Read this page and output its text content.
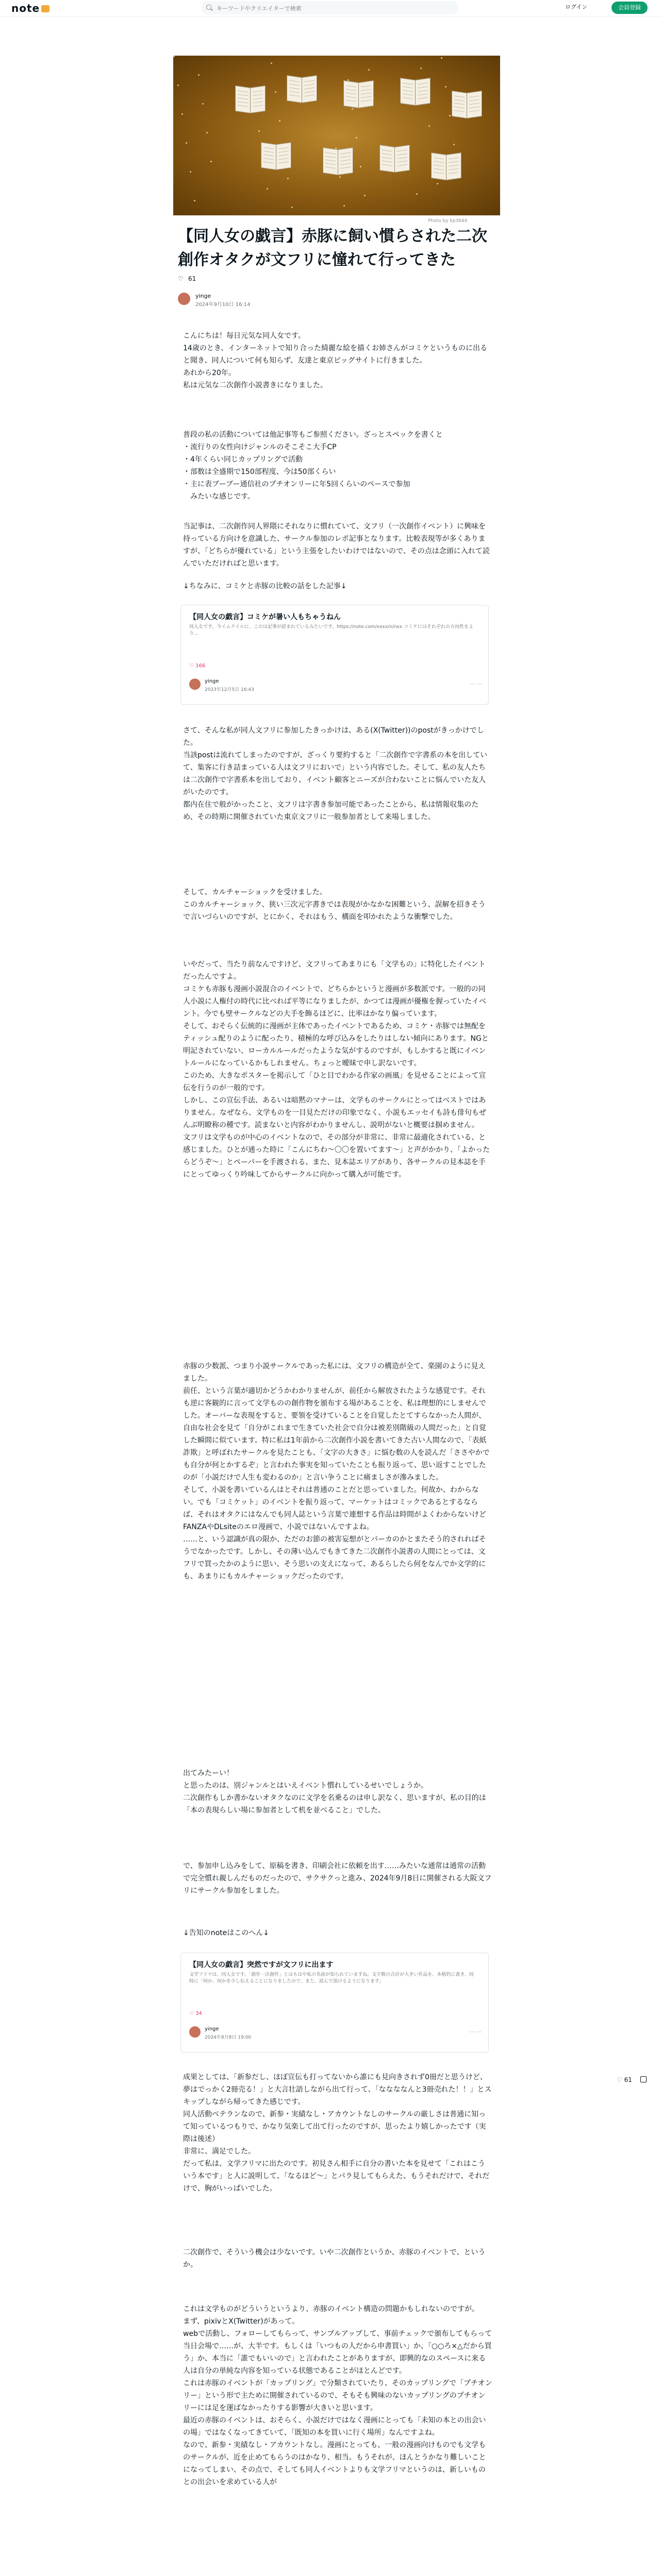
note
キーワードやクリエイターで検索	ログイン	会員登録
Photo by kp3644
【同人女の戯言】赤豚に飼い慣らされた二次創作オタクが文フリに憧れて行ってきた
♡ 61
yinge
2024年9月10日 16:14

こんにちは！毎日元気な同人女です。

14歳のとき、インターネットで知り合った綺麗な絵を描くお姉さんがコミケというものに出ると聞き、同人について何も知らず、友達と東京ビッグサイトに行きました。

あれから20年。

私は元気な二次創作小説書きになりました。

普段の私の活動については他記事等もご参照ください。ざっとスペックを書くと

・流行りの女性向けジャンルのそこそこ大手CP

・4年くらい同じカップリングで活動

・部数は全盛期で150部程度、今は50部くらい

・主に表ブーブー通信社のプチオンリーに年5回くらいのペースで参加

　みたいな感じです。

当記事は、二次創作同人界隈にそれなりに慣れていて、文フリ（一次創作イベント）に興味を持っている方向けを意識した、サークル参加のレポ記事となります。比較表現等が多くありますが、「どちらが優れている」という主張をしたいわけではないので、その点は念頭に入れて読んでいただければと思います。

↓ちなみに、コミケと赤豚の比較の話をした記事↓

【同人女の戯言】コミケが暑い人もちゃうねん
同人女です。今イムクイルに、このは記事が読まれているみたいです。https://note.com/xxxx/n/nxx コミケにはそれぞれの方向性をより…
♡ 166
yinge
2023年12月5日 16:43
⋯ ⋯

さて、そんな私が同人文フリに参加したきっかけは、ある(X(Twitter))のpostがきっかけでした。

当該postは流れてしまったのですが、ざっくり要約すると「二次創作で字書系の本を出していて、集客に行き詰まっている人は文フリにおいで」という内容でした。そして、私の友人たちは二次創作で字書系本を出しており、イベント顧客とニーズが合わないことに悩んでいた友人がいたのです。

都内在住で般がかったこと、文フリは字書き参加可能であったことから、私は情報収集のため、その時期に開催されていた東京文フリに一般参加者として来場しました。

そして、カルチャーショックを受けました。

このカルチャーショック、狭い三次元字書きでは表現がかなかな困難という、誤解を招きそうで言いづらいのですが、とにかく、それはもう、構面を叩かれたような衝撃でした。

いやだって、当たり前なんですけど、文フリってあまりにも「文学もの」に特化したイベントだったんですよ。

コミケも赤豚も漫画小説混合のイベントで、どちらかというと漫画が多数派です。一般的の同人小説に人権付の時代に比べれば平等になりましたが、かつては漫画が優権を握っていたイベント。今でも壁サークルなどの大手を飾るほどに、比率はかなり偏っています。

そして、おそらく伝統的に漫画が主体であったイベントであるため、コミケ・赤豚では無配をティッシュ配りのように配ったり、積極的な呼び込みをしたりはしない傾向にあります。NGと明記されていない、ローカルルールだったような気がするのですが、もしかすると既にイベントルールになっているかもしれません。ちょっと曖昧で申し訳ないです。

このため、大きなポスターを掲示して「ひと目でわかる作家の画風」を見せることによって宣伝を行うのが一般的です。

しかし、この宣伝手法、あるいは暗黙のマナーは、文学ものサークルにとってはベストではありません。なぜなら、文学ものを一目見ただけの印象でなく、小説もエッセイも詩も俳句もぜんぶ明瞭称の種です。読まないと内容がわかりませんし、説明がないと概要は掴めません。

文フリは文学ものが中心のイベントなので、その部分が非常に、非常に最適化されている、と感じました。ひとが通った時に「こんにちわ〜〇〇を置いてます〜」と声がかかり、「よかったらどうぞ〜」とペーパーを手渡される、また、見本誌エリアがあり、各サークルの見本誌を手にとってゆっくり吟味してからサークルに向かって購入が可能です。

赤豚の少数派、つまり小説サークルであった私には、文フリの構造が全て、楽園のように見えました。

前任、という言葉が適切かどうかわかりませんが、前任から解放されたような感覚です。それも逆に客観的に言って文学ものの創作物を頒布する場があることを、私は理想的にしませんでした。オーバーな表現をすると、要領を受けていることを自覚したとてすらなかった人間が、自由な社会を見て「自分がこれまで生きていた社会で自分は被差別階級の人間だった」と自覚した瞬間に似ています。特に私は1年前から二次創作小説を書いてきた古い人間なので、「表紙詐欺」と呼ばれたサークルを見たことも、「文字の大きさ」に悩む数の人を読んだ「ささやかでも自分が何とかするぞ」と言われた事実を知っていたことも振り返って、思い返すことでしたのが「小説だけで人生も変わるのか」と言い争うことに痛ましさが滲みました。

そして、小説を書いているんはとそれは普通のことだと思っていました。何故か、わからない。でも「コミケット」のイベントを振り返って、マーケットはコミックであるとするならば、それはオタクにはなんでも同人誌という言葉で連想する作品は時間がよくわからないけどFANZAやDLsiteのエロ漫画で、小説ではないんですよね。

……と、いう認識が真の限か、ただのお節の被害妄想がとパーカのかとまたそう的されればそうでなかったです。しかし、その薄い込んでもきてきた二次創作小説書の人間にとっては、文フリで買ったかのように思い、そう思いの支えになって、あるらしたら何をなんでか文学的にも、あまりにもカルチャーショックだったのです。

出てみたーい！

と思ったのは、別ジャンルとはいえイベント慣れしているせいでしょうか。

二次創作もしか書かないオタクなのに文学を名乗るのは申し訳なく、思いますが、私の目的は「本の表現らしい場に参加者として机を並べること」でした。

で、参加申し込みをして、原稿を書き、印刷会社に依頼を出す……みたいな通常は通常の活動で完全慣れ親しんだものだったので、サクサクっと進み、2024年9月8日に開催される大阪文フリにサークル参加をしました。

↓告知のnoteはこのへん↓

【同人女の戯言】突然ですが文フリに出ます
文学フリマは、同人女です。「創作一次創作」とはもはや私の名前が知られていますね。文字数の合計が大きい作品を、本格的に書き、同時に「何か、何かを少し伝えることになりましたので、また、読んで頂けるようになります」
♡ 34
yinge
2024年8月8日 19:00
⋯ ⋯

成果としては、「新参だし、ほぼ宣伝も打ってないから誰にも見向きされず0冊だと思うけど、夢はでっかく2冊売る！」と大言壮語しながら出て行って、「ななななんと3冊売れた！！」とスキップしながら帰ってきた感じです。

同人活動ベテランなので、新参・実績なし・アカウントなしのサークルの厳しさは普通に知って知っているつもりで、かなり気楽して出て行ったのですが、思ったより嬉しかったです（実際は後述）

非常に、満足でした。

だって私は、文学フリマに出たのです。初見さん相手に自分の書いた本を見せて「これはこういう本です」と人に説明して、「なるほど〜」とパラ見してもらえた、もうそれだけで、それだけで、胸がいっぱいでした。

二次創作で、そういう機会は少ないです。いや二次創作というか、赤豚のイベントで、というか。

これは文学ものがどういうというより、赤豚のイベント構造の問題かもしれないのですが。

まず、pixivとX(Twitter)があって。

webで活動し、フォローしてもらって、サンプルアップして、事前チェックで頒布してもらって当日会場で……が、大半です。もしくは「いつもの人だから申書買い」か、「○○ろ×△だから買う」か、本当に「誰でもいいので」と言われたことがありますが、即興的なのスペースに来る人は自分の単純な内容を知っている状態であることがほとんどです。

これは赤豚のイベントが「カップリング」で分類されていたり、そのカップリングで「プチオンリー」という形で主ために開催されているので、そもそも興味のないカップリングのプチオンリーには足を運ばなかったりする影響が大きいと思います。

最近の赤豚のイベントは、おそらく、小説だけではなく漫画にとっても「未知の本との出会いの場」ではなくなってきていて、「既知の本を買いに行く場所」なんですよね。

なので、新参・実績なし・アカウントなし。漫画にとっても、一般の漫画向けものでも文学ものサークルが、近を止めてもらうのはかなり、相当。もうそれが、ほんとうかなり難しいことになってしまい、その点で、そしても同人イベントよりも文学フリマというのは、新しいものとの出会いを求めている人が

♡ 61
